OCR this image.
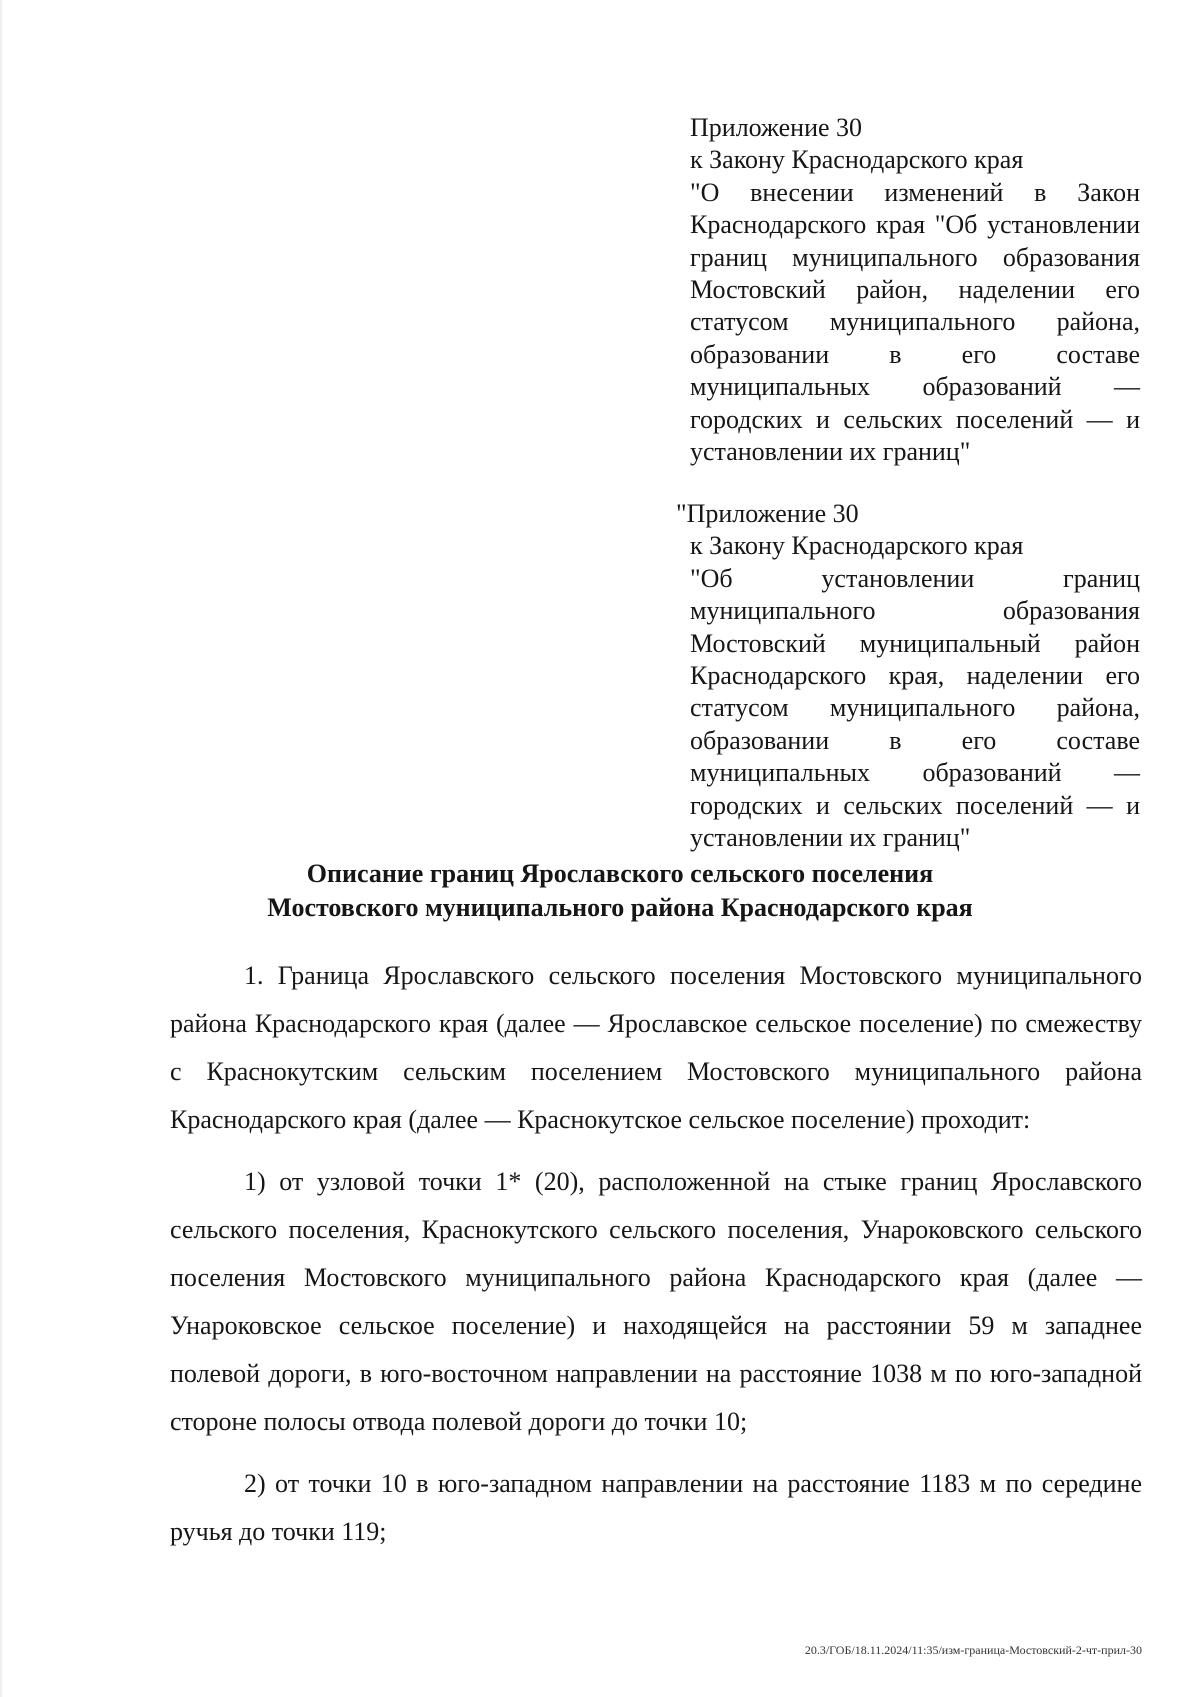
Приложение 30
к Закону Краснодарского края
"О внесении изменений в Закон Краснодарского края "Об установлении границ муниципального образования Мостовский район, наделении его статусом муниципального района, образовании в его составе муниципальных образований — городских и сельских поселений — и установлении их границ"
"Приложение 30
к Закону Краснодарского края
"Об установлении границ муниципального образования Мостовский муниципальный район Краснодарского края, наделении его статусом муниципального района, образовании в его составе муниципальных образований — городских и сельских поселений — и установлении их границ"
Описание границ Ярославского сельского поселения
Мостовского муниципального района Краснодарского края

1. Граница Ярославского сельского поселения Мостовского муниципального района Краснодарского края (далее — Ярославское сельское поселение) по смежеству с Краснокутским сельским поселением Мостовского муниципального района Краснодарского края (далее — Краснокутское сельское поселение) проходит:

1) от узловой точки 1* (20), расположенной на стыке границ Ярославского сельского поселения, Краснокутского сельского поселения, Унароковского сельского поселения Мостовского муниципального района Краснодарского края (далее — Унароковское сельское поселение) и находящейся на расстоянии 59 м западнее полевой дороги, в юго-восточном направлении на расстояние 1038 м по юго-западной стороне полосы отвода полевой дороги до точки 10;

2) от точки 10 в юго-западном направлении на расстояние 1183 м по середине ручья до точки 119;

20.3/ГОБ/18.11.2024/11:35/изм-граница-Мостовский-2-чт-прил-30
